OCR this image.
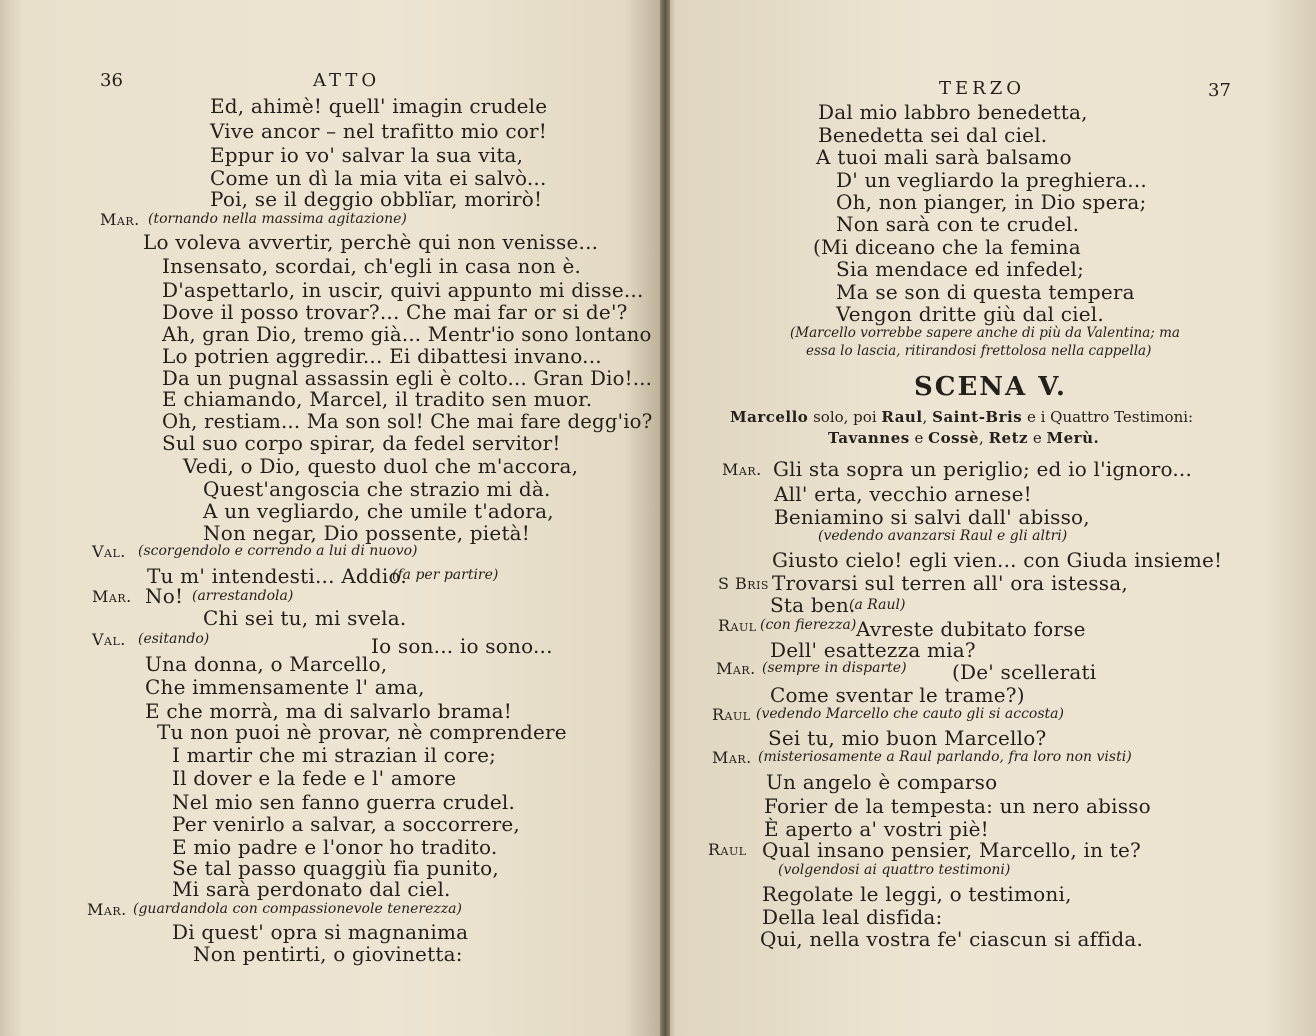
36	ATTO
Ed, ahimè! quell' imagin crudele
Vive ancor – nel trafitto mio cor!
Eppur io vo' salvar la sua vita,
Come un dì la mia vita ei salvò...
Poi, se il deggio obblïar, morirò!
Mar. (tornando nella massima agitazione)
Lo voleva avvertir, perchè qui non venisse...
Insensato, scordai, ch'egli in casa non è.
D'aspettarlo, in uscir, quivi appunto mi disse...
Dove il posso trovar?... Che mai far or si de'?
Ah, gran Dio, tremo già... Mentr'io sono lontano
Lo potrien aggredir... Ei dibattesi invano...
Da un pugnal assassin egli è colto... Gran Dio!...
E chiamando, Marcel, il tradito sen muor.
Oh, restiam... Ma son sol! Che mai fare degg'io?
Sul suo corpo spirar, da fedel servitor!
Vedi, o Dio, questo duol che m'accora,
Quest'angoscia che strazio mi dà.
A un vegliardo, che umile t'adora,
Non negar, Dio possente, pietà!
Val. (scorgendolo e correndo a lui di nuovo)
Tu m' intendesti... Addio.
(fa per partire)
Mar. No! (arrestandola)
Chi sei tu, mi svela.
Val. (esitando)	Io son... io sono...
Una donna, o Marcello,
Che immensamente l' ama,
E che morrà, ma di salvarlo brama!
Tu non puoi nè provar, nè comprendere
I martir che mi strazian il core;
Il dover e la fede e l' amore
Nel mio sen fanno guerra crudel.
Per venirlo a salvar, a soccorrere,
E mio padre e l'onor ho tradito.
Se tal passo quaggiù fia punito,
Mi sarà perdonato dal ciel.
Mar. (guardandola con compassionevole tenerezza)
Di quest' opra si magnanima
Non pentirti, o giovinetta:
TERZO	37
Dal mio labbro benedetta,
Benedetta sei dal ciel.
A tuoi mali sarà balsamo
D' un vegliardo la preghiera...
Oh, non pianger, in Dio spera;
Non sarà con te crudel.
(Mi diceano che la femina
Sia mendace ed infedel;
Ma se son di questa tempera
Vengon dritte giù dal ciel.
(Marcello vorrebbe sapere anche di più da Valentina; ma
essa lo lascia, ritirandosi frettolosa nella cappella)
SCENA V.
Marcello solo, poi Raul, Saint-Bris e i Quattro Testimoni:
Tavannes e Cossè, Retz e Merù.
Mar. Gli sta sopra un periglio; ed io l'ignoro...
All' erta, vecchio arnese!
Beniamino si salvi dall' abisso,
(vedendo avanzarsi Raul e gli altri)
Giusto cielo! egli vien... con Giuda insieme!
S Bris Trovarsi sul terren all' ora istessa,
Sta ben.
(a Raul)
Raul (con fierezza) Avreste dubitato forse
Dell' esattezza mia?
Mar. (sempre in disparte) (De' scellerati
Come sventar le trame?)
Raul (vedendo Marcello che cauto gli si accosta)
Sei tu, mio buon Marcello?
Mar. (misteriosamente a Raul parlando, fra loro non visti)
Un angelo è comparso
Forier de la tempesta: un nero abisso
È aperto a' vostri piè!
Raul Qual insano pensier, Marcello, in te?
(volgendosi ai quattro testimoni)
Regolate le leggi, o testimoni,
Della leal disfida:
Qui, nella vostra fe' ciascun si affida.
